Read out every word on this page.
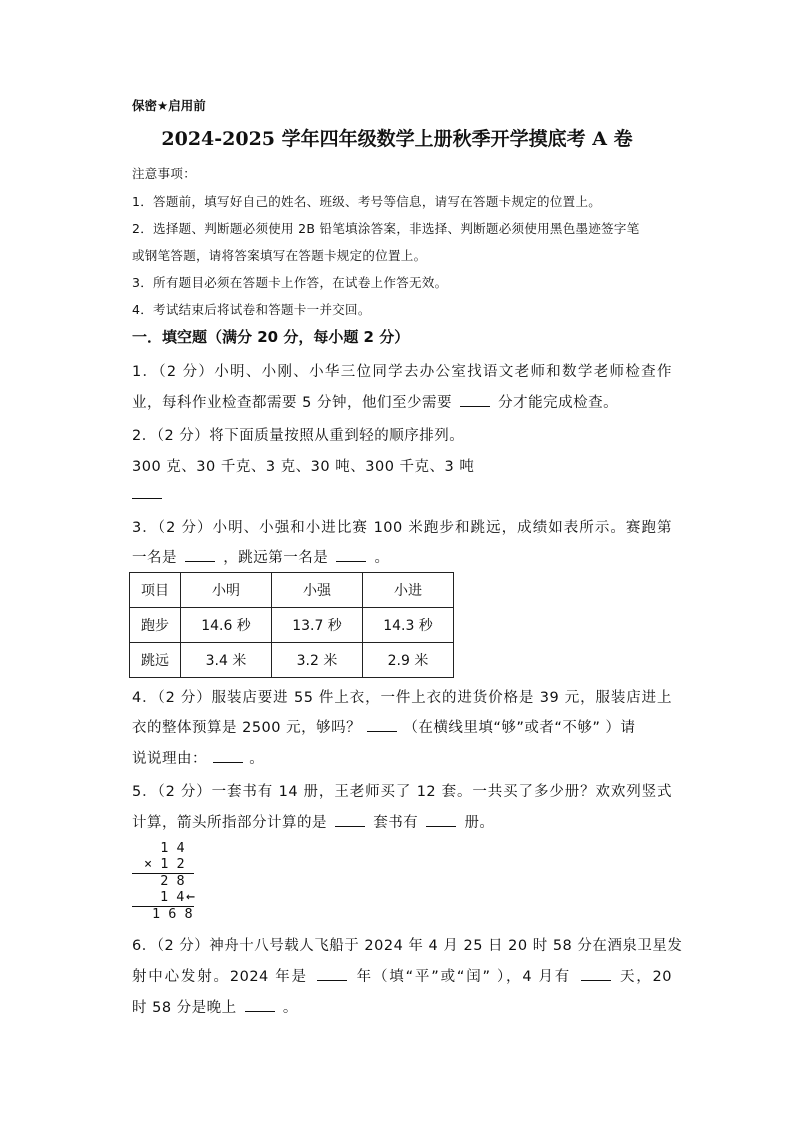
保密★启用前
2024-2025 学年四年级数学上册秋季开学摸底考 A 卷
注意事项：
1．答题前，填写好自己的姓名、班级、考号等信息，请写在答题卡规定的位置上。
2．选择题、判断题必须使用 2B 铅笔填涂答案，非选择、判断题必须使用黑色墨迹签字笔
或钢笔答题，请将答案填写在答题卡规定的位置上。
3．所有题目必须在答题卡上作答，在试卷上作答无效。
4．考试结束后将试卷和答题卡一并交回。
一．填空题（满分 20 分，每小题 2 分）
1．（2 分）小明、小刚、小华三位同学去办公室找语文老师和数学老师检查作
业，每科作业检查都需要 5 分钟，他们至少需要	分才能完成检查。
2．（2 分）将下面质量按照从重到轻的顺序排列。
300 克、30 千克、3 克、30 吨、300 千克、3 吨
3．（2 分）小明、小强和小进比赛 100 米跑步和跳远，成绩如表所示。赛跑第
一名是	，跳远第一名是	。
项目	小明	小强	小进
跑步	14.6 秒	13.7 秒	14.3 秒
跳远	3.4 米	3.2 米	2.9 米
4．（2 分）服装店要进 55 件上衣，一件上衣的进货价格是 39 元，服装店进上
衣的整体预算是 2500 元，够吗？	（在横线里填“够”或者“不够” ）请
说说理由：	。
5．（2 分）一套书有 14 册，王老师买了 12 套。一共买了多少册？欢欢列竖式
计算，箭头所指部分计算的是	套书有	册。
1 4
× 1 2
2 8
1 4 ←
1 6 8
6．（2 分）神舟十八号载人飞船于 2024 年 4 月 25 日 20 时 58 分在酒泉卫星发
射中心发射。2024 年是	年（填“平”或“闰” ），4 月有	天，20
时 58 分是晚上	。
